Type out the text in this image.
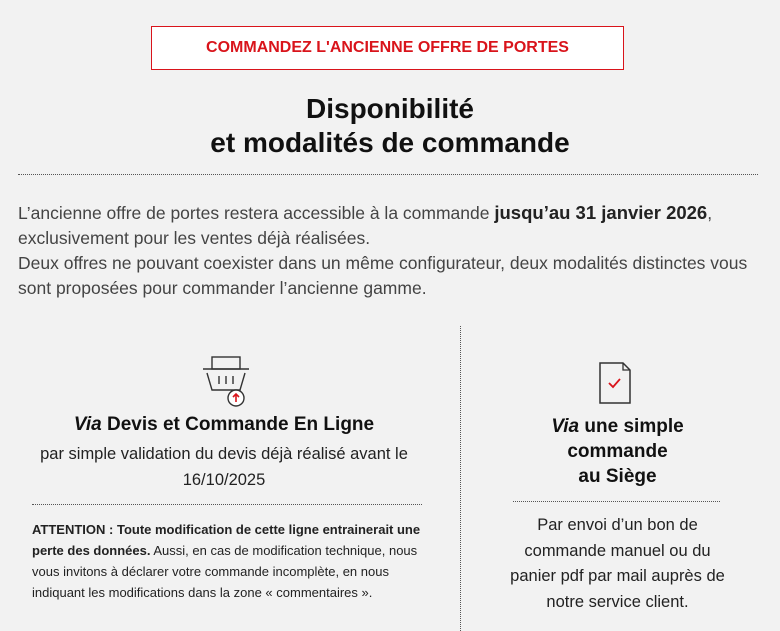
COMMANDEZ L'ANCIENNE OFFRE DE PORTES
Disponibilité
et modalités de commande
L’ancienne offre de portes restera accessible à la commande jusqu’au 31 janvier 2026, exclusivement pour les ventes déjà réalisées.
Deux offres ne pouvant coexister dans un même configurateur, deux modalités distinctes vous sont proposées pour commander l’ancienne gamme.
Via Devis et Commande En Ligne
par simple validation du devis déjà réalisé avant le 16/10/2025
ATTENTION : Toute modification de cette ligne entrainerait une perte des données. Aussi, en cas de modification technique, nous vous invitons à déclarer votre commande incomplète, en nous indiquant les modifications dans la zone « commentaires ».
Via une simple
commande
au Siège
Par envoi d’un bon de commande manuel ou du panier pdf par mail auprès de notre service client.
